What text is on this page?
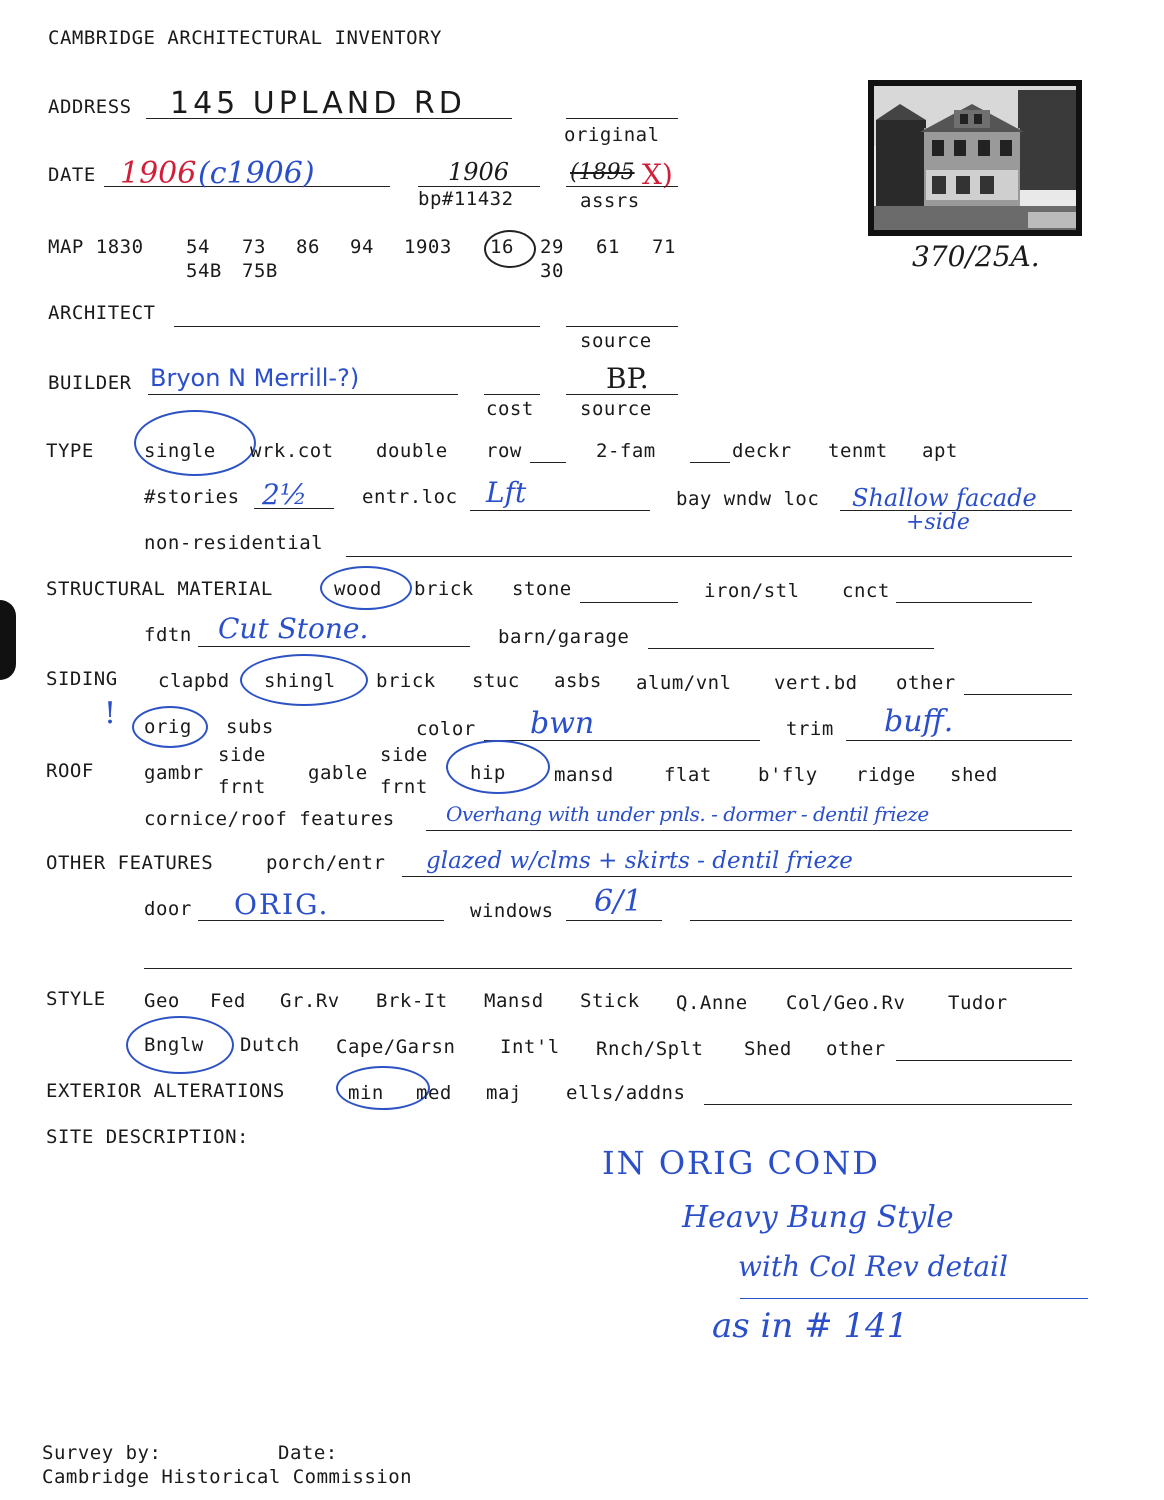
CAMBRIDGE ARCHITECTURAL INVENTORY
370/25A.
ADDRESS 145 UPLAND RD
original
DATE 1906 (c1906)	1906
bp#11432
(1895 X)
assrs
MAP 1830 54 73 86 94 1903 16 29 61 71
54B 75B	30
ARCHITECT
source
BUILDER Bryon N Merrill-?)
cost
BP.
source
TYPE	single wrk.cot double row	2-fam	deckr tenmt apt
#stories 2½	entr.loc Lft	bay wndw loc Shallow facade
+side
non-residential
STRUCTURAL MATERIAL	wood brick stone	iron/stl cnct
fdtn Cut Stone.	barn/garage
SIDING clapbd shingl brick stuc asbs alum/vnl vert.bd other
! orig subs	color bwn	trim buff.
ROOF	gambr
side
frnt
gable
side
frnt
hip	mansd	flat b'fly ridge shed
cornice/roof features	Overhang with under pnls. - dormer - dentil frieze
OTHER FEATURES	porch/entr glazed w/clms + skirts - dentil frieze
door ORIG.	windows 6/1
STYLE Geo Fed Gr.Rv Brk-It Mansd Stick Q.Anne Col/Geo.Rv Tudor
Bnglw Dutch Cape/Garsn Int'l Rnch/Splt Shed other
EXTERIOR ALTERATIONS	min med maj ells/addns
SITE DESCRIPTION:
IN ORIG COND
Heavy Bung Style
with Col Rev detail
as in # 141
Survey by:	Date:
Cambridge Historical Commission
